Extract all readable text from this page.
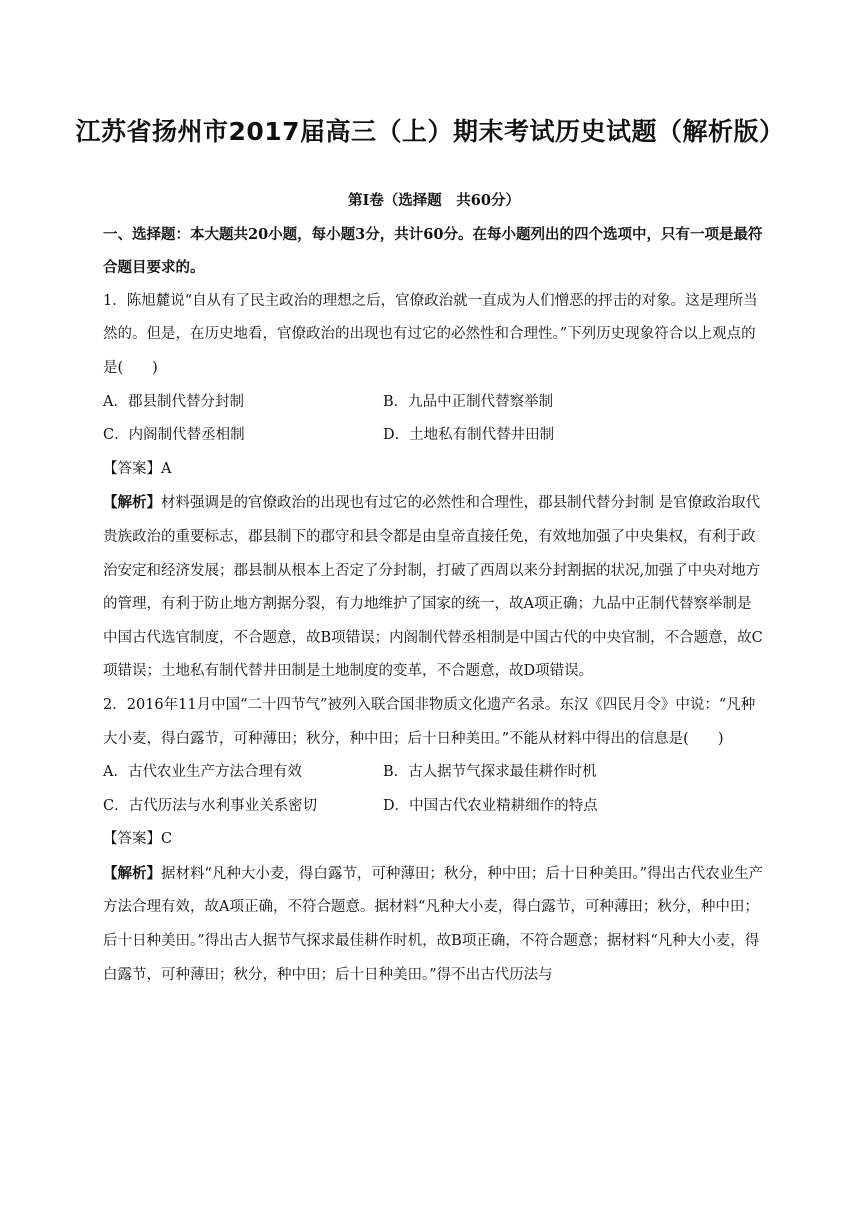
江苏省扬州市2017届高三（上）期末考试历史试题（解析版）

第Ⅰ卷（选择题　共60分）

一、选择题：本大题共20小题，每小题3分，共计60分。在每小题列出的四个选项中，只有一项是最符合题目要求的。

1．陈旭麓说“自从有了民主政治的理想之后，官僚政治就一直成为人们憎恶的抨击的对象。这是理所当然的。但是，在历史地看，官僚政治的出现也有过它的必然性和合理性。”下列历史现象符合以上观点的是(　　)

A．郡县制代替分封制	B．九品中正制代替察举制

C．内阁制代替丞相制	D．土地私有制代替井田制

【答案】A

【解析】材料强调是的官僚政治的出现也有过它的必然性和合理性，郡县制代替分封制 是官僚政治取代贵族政治的重要标志，郡县制下的郡守和县令都是由皇帝直接任免，有效地加强了中央集权，有利于政治安定和经济发展；郡县制从根本上否定了分封制，打破了西周以来分封割据的状况,加强了中央对地方的管理，有利于防止地方割据分裂，有力地维护了国家的统一，故A项正确；九品中正制代替察举制是中国古代选官制度，不合题意，故B项错误；内阁制代替丞相制是中国古代的中央官制，不合题意，故C项错误；土地私有制代替井田制是土地制度的变革，不合题意，故D项错误。

2．2016年11月中国“二十四节气”被列入联合国非物质文化遗产名录。东汉《四民月令》中说：“凡种大小麦，得白露节，可种薄田；秋分，种中田；后十日种美田。”不能从材料中得出的信息是(　　)

A．古代农业生产方法合理有效	B．古人据节气探求最佳耕作时机

C．古代历法与水利事业关系密切	D．中国古代农业精耕细作的特点

【答案】C

【解析】据材料“凡种大小麦，得白露节，可种薄田；秋分，种中田；后十日种美田。”得出古代农业生产方法合理有效，故A项正确，不符合题意。据材料“凡种大小麦，得白露节，可种薄田；秋分，种中田；后十日种美田。”得出古人据节气探求最佳耕作时机，故B项正确，不符合题意；据材料“凡种大小麦，得白露节，可种薄田；秋分，种中田；后十日种美田。”得不出古代历法与
